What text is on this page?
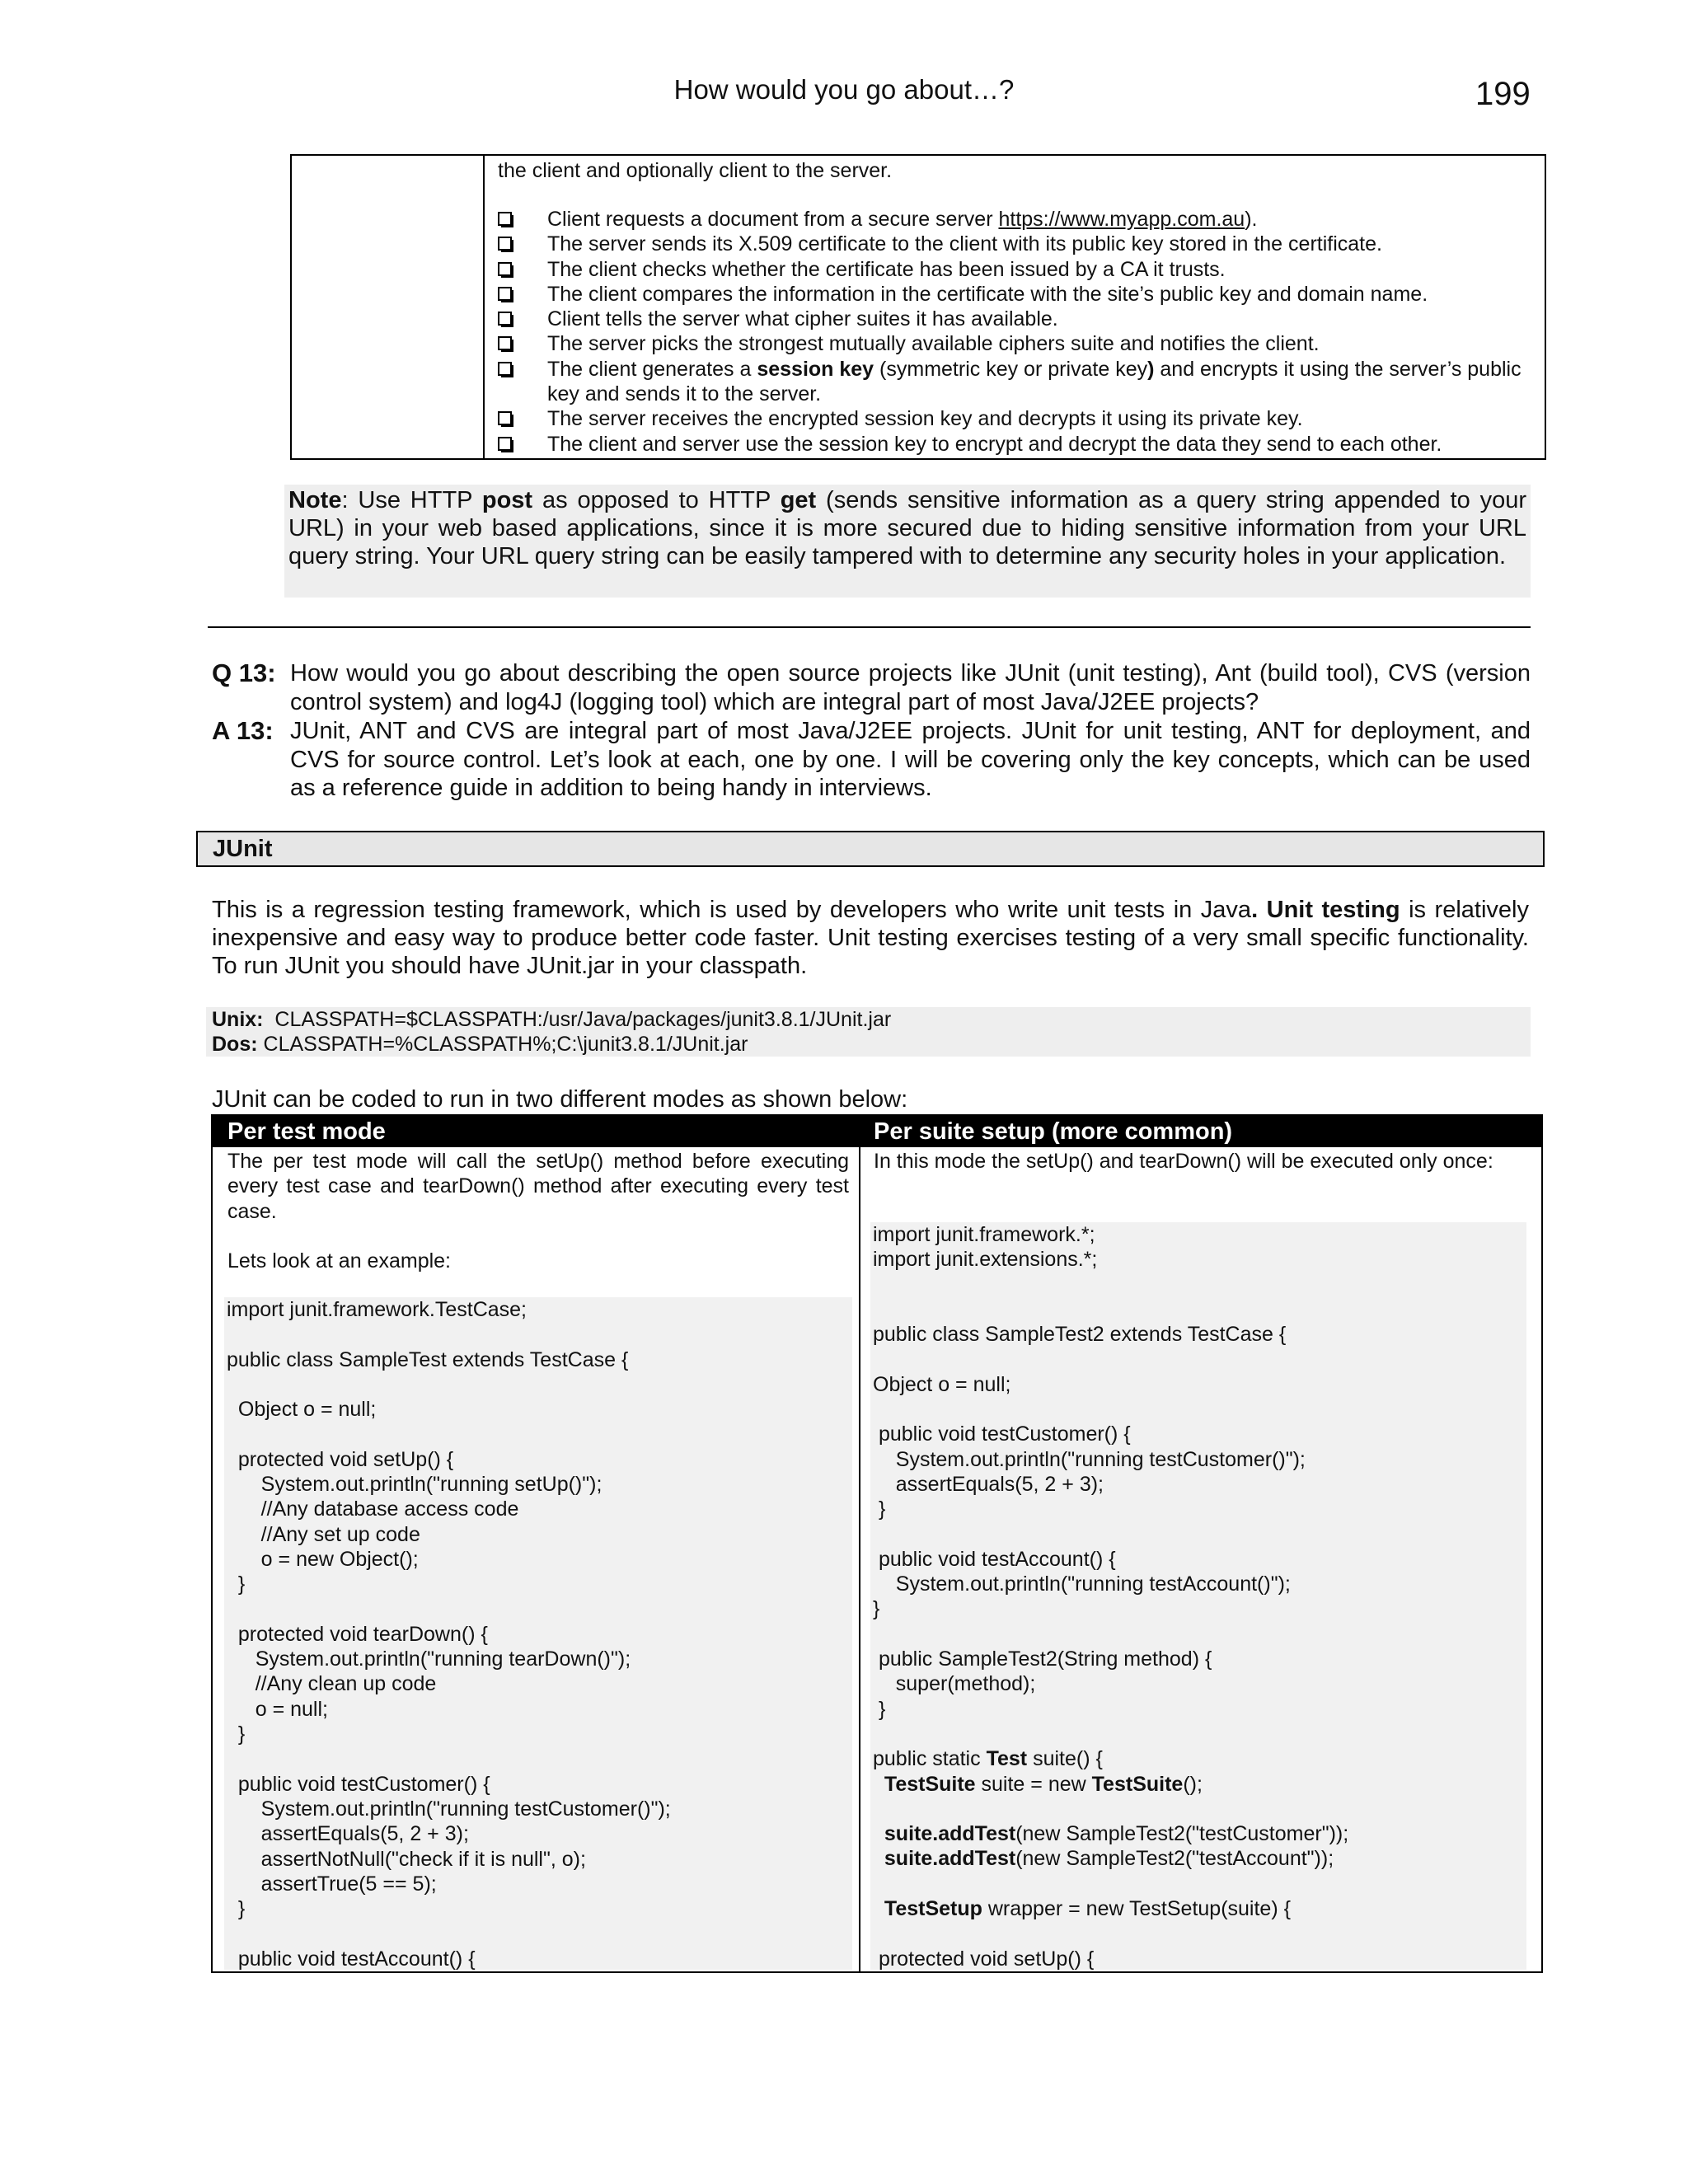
How would you go about…?	199
the client and optionally client to the server.
Client requests a document from a secure server https://www.myapp.com.au).
The server sends its X.509 certificate to the client with its public key stored in the certificate.
The client checks whether the certificate has been issued by a CA it trusts.
The client compares the information in the certificate with the site’s public key and domain name.
Client tells the server what cipher suites it has available.
The server picks the strongest mutually available ciphers suite and notifies the client.
The client generates a session key (symmetric key or private key) and encrypts it using the server’s public key and sends it to the server.
The server receives the encrypted session key and decrypts it using its private key.
The client and server use the session key to encrypt and decrypt the data they send to each other.
Note: Use HTTP post as opposed to HTTP get (sends sensitive information as a query string appended to your URL) in your web based applications, since it is more secured due to hiding sensitive information from your URL query string. Your URL query string can be easily tampered with to determine any security holes in your application.
Q 13: How would you go about describing the open source projects like JUnit (unit testing), Ant (build tool), CVS (version control system) and log4J (logging tool) which are integral part of most Java/J2EE projects?
A 13: JUnit, ANT and CVS are integral part of most Java/J2EE projects. JUnit for unit testing, ANT for deployment, and CVS for source control. Let’s look at each, one by one. I will be covering only the key concepts, which can be used as a reference guide in addition to being handy in interviews.
JUnit
This is a regression testing framework, which is used by developers who write unit tests in Java. Unit testing is relatively inexpensive and easy way to produce better code faster. Unit testing exercises testing of a very small specific functionality. To run JUnit you should have JUnit.jar in your classpath.
Unix:  CLASSPATH=$CLASSPATH:/usr/Java/packages/junit3.8.1/JUnit.jar
Dos: CLASSPATH=%CLASSPATH%;C:\junit3.8.1/JUnit.jar
JUnit can be coded to run in two different modes as shown below:
Per test mode	Per suite setup (more common)
The per test mode will call the setUp() method before executing every test case and tearDown() method after executing every test case.
Lets look at an example:
import junit.framework.TestCase;
public class SampleTest extends TestCase {
Object o = null;
protected void setUp() {
System.out.println("running setUp()");
//Any database access code
//Any set up code
o = new Object();
}
protected void tearDown() {
System.out.println("running tearDown()");
//Any clean up code
o = null;
}
public void testCustomer() {
System.out.println("running testCustomer()");
assertEquals(5, 2 + 3);
assertNotNull("check if it is null", o);
assertTrue(5 == 5);
}
public void testAccount() {
In this mode the setUp() and tearDown() will be executed only once:
import junit.framework.*;
import junit.extensions.*;
public class SampleTest2 extends TestCase {
Object o = null;
public void testCustomer() {
System.out.println("running testCustomer()");
assertEquals(5, 2 + 3);
}
public void testAccount() {
System.out.println("running testAccount()");
}
public SampleTest2(String method) {
super(method);
}
public static Test suite() {
TestSuite suite = new TestSuite();
suite.addTest(new SampleTest2("testCustomer"));
suite.addTest(new SampleTest2("testAccount"));
TestSetup wrapper = new TestSetup(suite) {
protected void setUp() {
